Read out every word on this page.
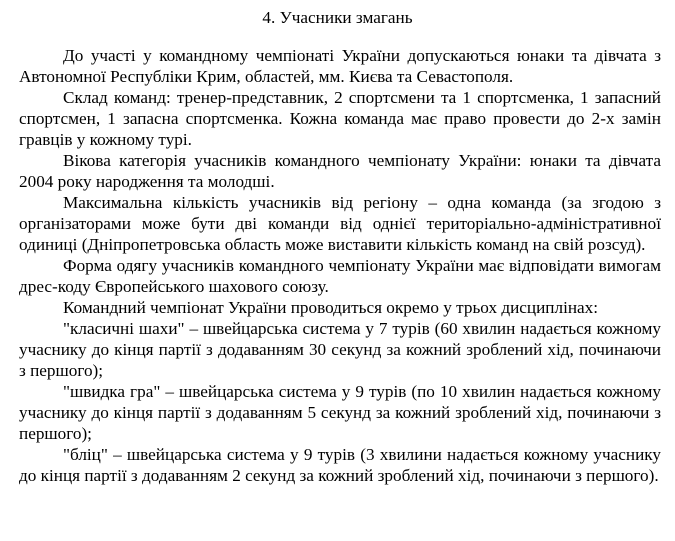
4. Учасники змагань

До участі у командному чемпіонаті України допускаються юнаки та дівчата з Автономної Республіки Крим, областей, мм. Києва та Севастополя.

Склад команд: тренер-представник, 2 спортсмени та 1 спортсменка, 1 запасний спортсмен, 1 запасна спортсменка. Кожна команда має право провести до 2-х замін гравців у кожному турі.

Вікова категорія учасників командного чемпіонату України: юнаки та дівчата 2004 року народження та молодші.

Максимальна кількість учасників від регіону – одна команда (за згодою з організаторами може бути дві команди від однієї територіально-адміністративної одиниці (Дніпропетровська область може виставити кількість команд на свій розсуд).

Форма одягу учасників командного чемпіонату України має відповідати вимогам дрес-коду Європейського шахового союзу.

Командний чемпіонат України проводиться окремо у трьох дисциплінах:

"класичні шахи" – швейцарська система у 7 турів (60 хвилин надається кожному учаснику до кінця партії з додаванням 30 секунд за кожний зроблений хід, починаючи з першого);

"швидка гра" – швейцарська система у 9 турів (по 10 хвилин надається кожному учаснику до кінця партії з додаванням 5 секунд за кожний зроблений хід, починаючи з першого);

"бліц" – швейцарська система у 9 турів (3 хвилини надається кожному учаснику до кінця партії з додаванням 2 секунд за кожний зроблений хід, починаючи з першого).
